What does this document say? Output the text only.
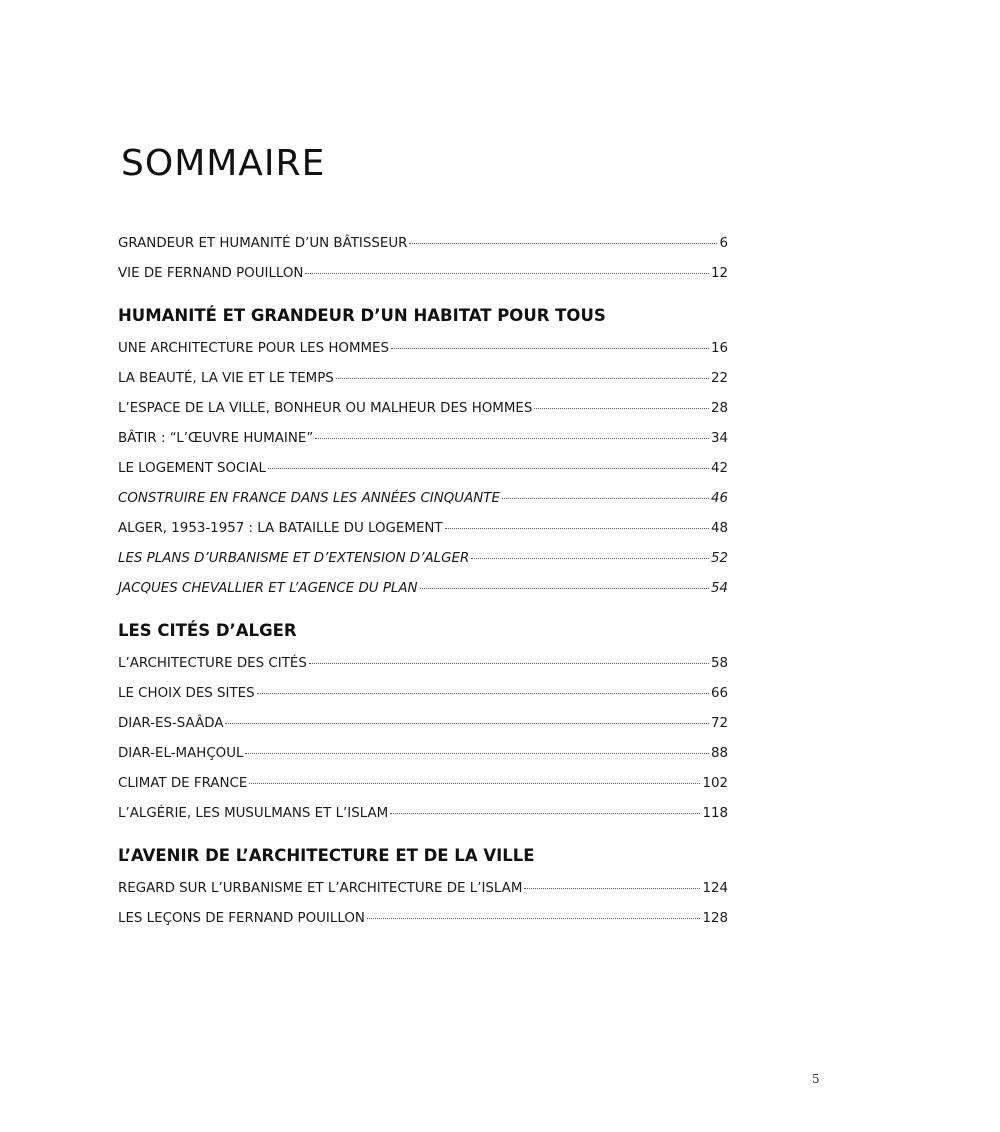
SOMMAIRE
GRANDEUR ET HUMANITÉ D’UN BÂTISSEUR	6
VIE DE FERNAND POUILLON	12
HUMANITÉ ET GRANDEUR D’UN HABITAT POUR TOUS
UNE ARCHITECTURE POUR LES HOMMES	16
LA BEAUTÉ, LA VIE ET LE TEMPS	22
L’ESPACE DE LA VILLE, BONHEUR OU MALHEUR DES HOMMES	28
BÂTIR : “L’ŒUVRE HUMAINE”	34
LE LOGEMENT SOCIAL	42
CONSTRUIRE EN FRANCE DANS LES ANNÉES CINQUANTE	46
ALGER, 1953-1957 : LA BATAILLE DU LOGEMENT	48
LES PLANS D’URBANISME ET D’EXTENSION D’ALGER	52
JACQUES CHEVALLIER ET L’AGENCE DU PLAN	54
LES CITÉS D’ALGER
L’ARCHITECTURE DES CITÉS	58
LE CHOIX DES SITES	66
DIAR-ES-SAÂDA	72
DIAR-EL-MAHÇOUL	88
CLIMAT DE FRANCE	102
L’ALGÉRIE, LES MUSULMANS ET L’ISLAM	118
L’AVENIR DE L’ARCHITECTURE ET DE LA VILLE
REGARD SUR L’URBANISME ET L’ARCHITECTURE DE L’ISLAM	124
LES LEÇONS DE FERNAND POUILLON	128
5
